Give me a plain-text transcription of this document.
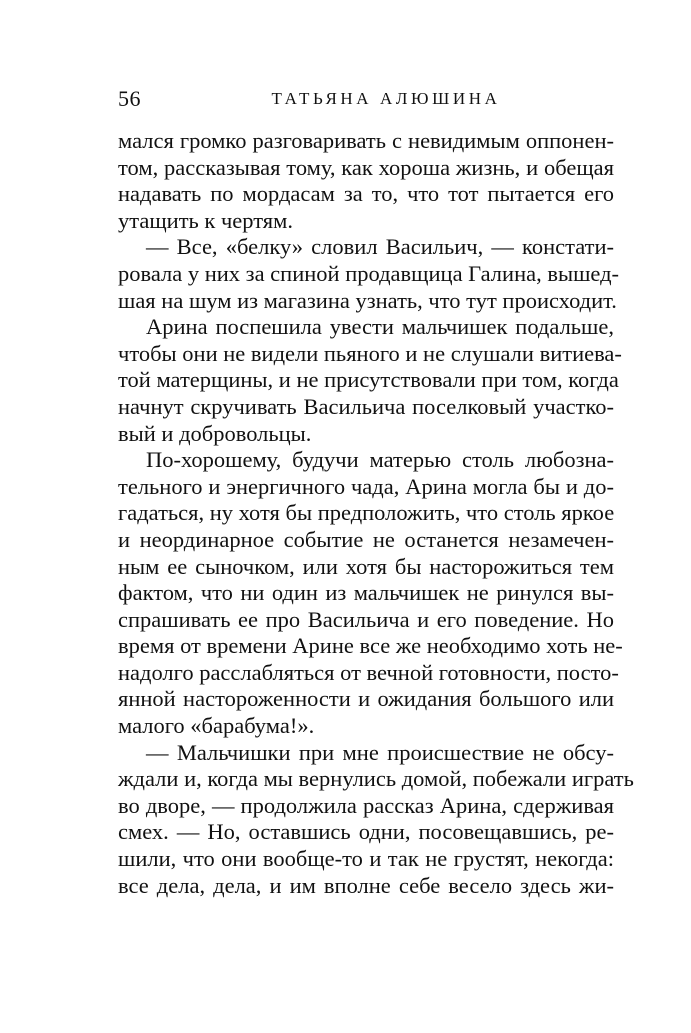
56	ТАТЬЯНА АЛЮШИНА
мался громко разговаривать с невидимым оппонен-
том, рассказывая тому, как хороша жизнь, и обещая
надавать по мордасам за то, что тот пытается его
утащить к чертям.
— Все, «белку» словил Васильич, — констати-
ровала у них за спиной продавщица Галина, вышед-
шая на шум из магазина узнать, что тут происходит.
Арина поспешила увести мальчишек подальше,
чтобы они не видели пьяного и не слушали витиева-
той матерщины, и не присутствовали при том, когда
начнут скручивать Васильича поселковый участко-
вый и добровольцы.
По-хорошему, будучи матерью столь любозна-
тельного и энергичного чада, Арина могла бы и до-
гадаться, ну хотя бы предположить, что столь яркое
и неординарное событие не останется незамечен-
ным ее сыночком, или хотя бы насторожиться тем
фактом, что ни один из мальчишек не ринулся вы-
спрашивать ее про Васильича и его поведение. Но
время от времени Арине все же необходимо хоть не-
надолго расслабляться от вечной готовности, посто-
янной настороженности и ожидания большого или
малого «барабума!».
— Мальчишки при мне происшествие не обсу-
ждали и, когда мы вернулись домой, побежали играть
во дворе, — продолжила рассказ Арина, сдерживая
смех. — Но, оставшись одни, посовещавшись, ре-
шили, что они вообще-то и так не грустят, некогда:
все дела, дела, и им вполне себе весело здесь жи-
